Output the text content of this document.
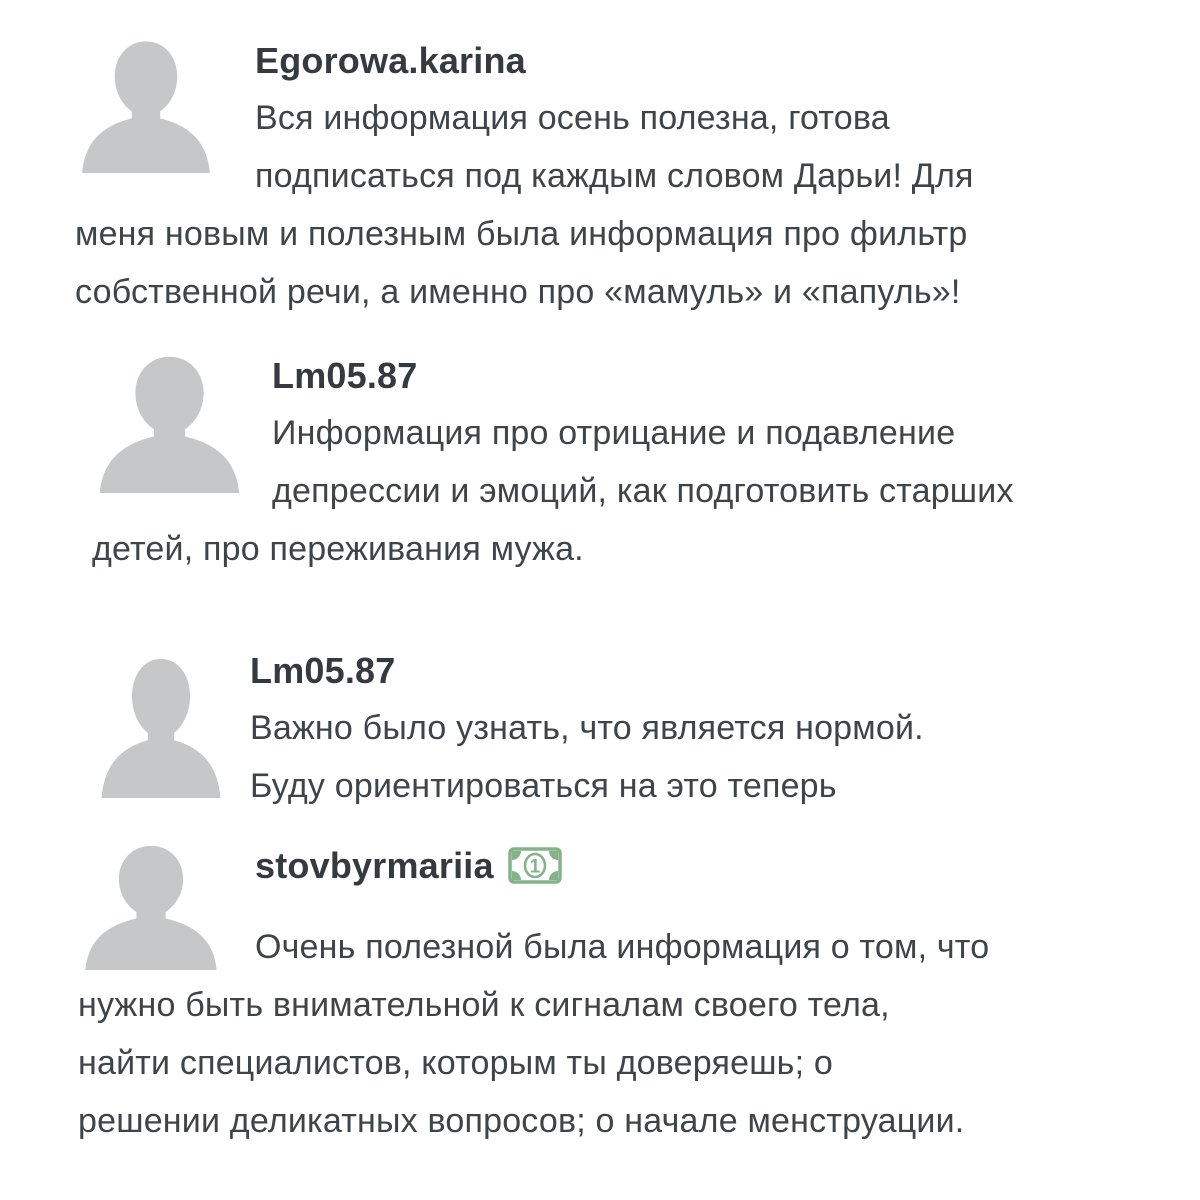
Egorowa.karina
Вся информация осень полезна, готова
подписаться под каждым словом Дарьи! Для
меня новым и полезным была информация про фильтр
собственной речи, а именно про «мамуль» и «папуль»!
Lm05.87
Информация про отрицание и подавление
депрессии и эмоций, как подготовить старших
детей, про переживания мужа.
Lm05.87
Важно было узнать, что является нормой.
Буду ориентироваться на это теперь
stovbyrmariia 1
Очень полезной была информация о том, что
нужно быть внимательной к сигналам своего тела,
найти специалистов, которым ты доверяешь; о
решении деликатных вопросов; о начале менструации.
